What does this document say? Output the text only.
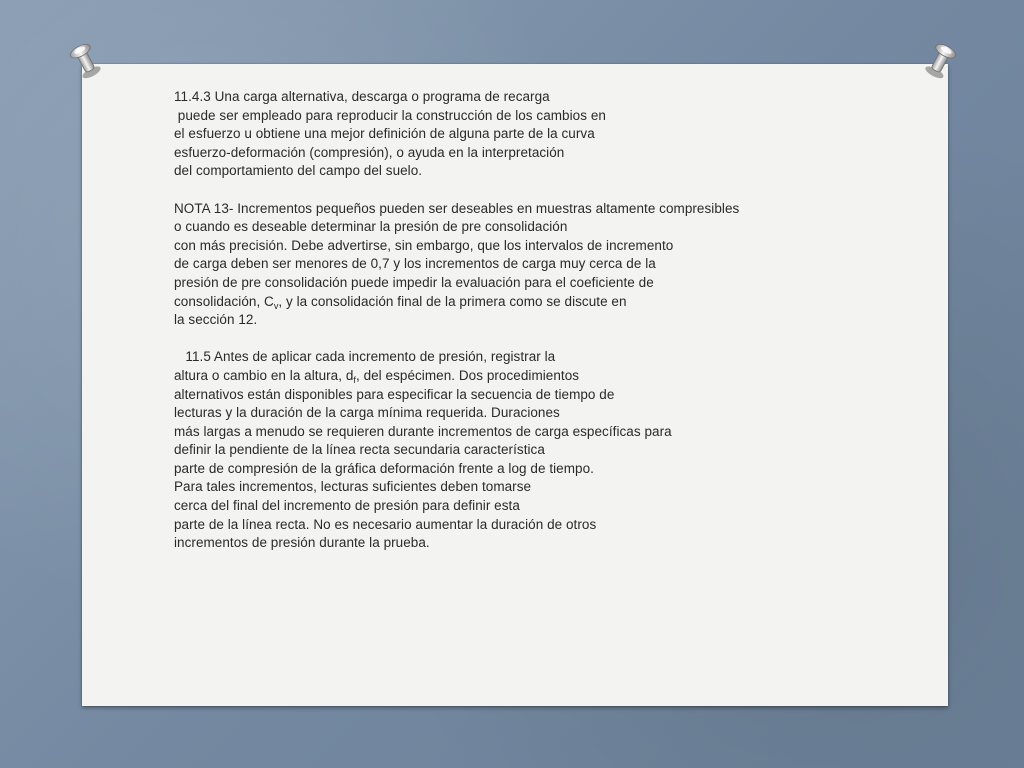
11.4.3 Una carga alternativa, descarga o programa de recarga
puede ser empleado para reproducir la construcción de los cambios en
el esfuerzo u obtiene una mejor definición de alguna parte de la curva
esfuerzo-deformación (compresión), o ayuda en la interpretación
del comportamiento del campo del suelo.
NOTA 13- Incrementos pequeños pueden ser deseables en muestras altamente compresibles
o cuando es deseable determinar la presión de pre consolidación
con más precisión. Debe advertirse, sin embargo, que los intervalos de incremento
de carga deben ser menores de 0,7 y los incrementos de carga muy cerca de la
presión de pre consolidación puede impedir la evaluación para el coeficiente de
consolidación, $C_v$, y la consolidación final de la primera como se discute en
la sección 12.
11.5 Antes de aplicar cada incremento de presión, registrar la
altura o cambio en la altura, $d_f$, del espécimen. Dos procedimientos
alternativos están disponibles para especificar la secuencia de tiempo de
lecturas y la duración de la carga mínima requerida. Duraciones
más largas a menudo se requieren durante incrementos de carga específicas para
definir la pendiente de la línea recta secundaria característica
parte de compresión de la gráfica deformación frente a log de tiempo.
Para tales incrementos, lecturas suficientes deben tomarse
cerca del final del incremento de presión para definir esta
parte de la línea recta. No es necesario aumentar la duración de otros
incrementos de presión durante la prueba.
